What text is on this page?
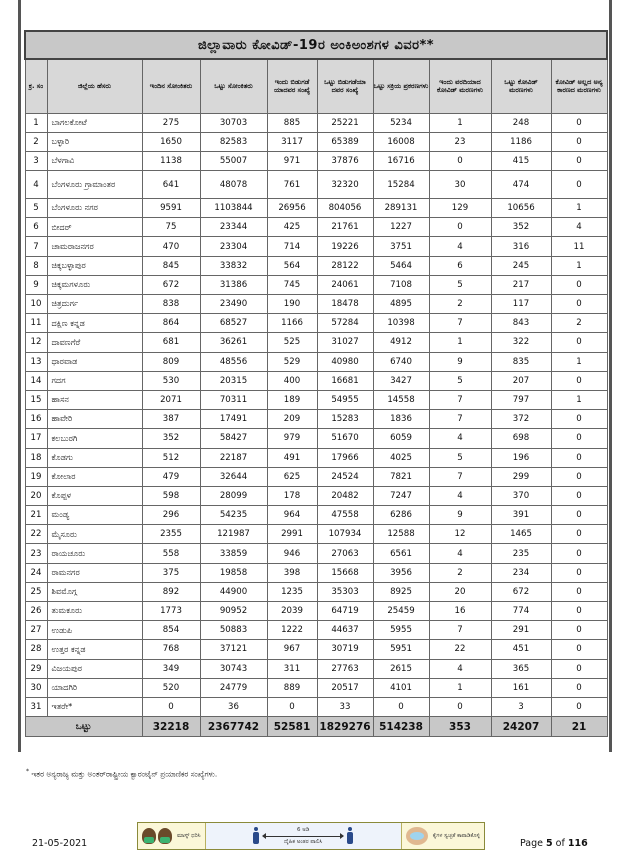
ಜಿಲ್ಲಾವಾರು ಕೋವಿಡ್-19ರ ಅಂಕಿಅಂಶಗಳ ವಿವರ**									
ಕ್ರ. ಸಂ	ಜಿಲ್ಲೆಯ ಹೆಸರು	ಇಂದಿನ ಸೋಂಕಿತರು	ಒಟ್ಟು ಸೋಂಕಿತರು	ಇಂದು ಬಿಡುಗಡೆ ಯಾದವರ ಸಂಖ್ಯೆ	ಒಟ್ಟು ಬಿಡುಗಡೆಯಾ ದವರ ಸಂಖ್ಯೆ	ಒಟ್ಟು ಸಕ್ರಿಯ ಪ್ರಕರಣಗಳು	ಇಂದು ವರದಿಯಾದ ಕೋವಿಡ್ ಮರಣಗಳು	ಒಟ್ಟು ಕೋವಿಡ್ ಮರಣಗಳು	ಕೋವಿಡ್ ಅಲ್ಲದ ಅನ್ಯ ಕಾರಣದ ಮರಣಗಳು
1	ಬಾಗಲಕೋಟೆ	275	30703	885	25221	5234	1	248	0
2	ಬಳ್ಳಾರಿ	1650	82583	3117	65389	16008	23	1186	0
3	ಬೆಳಗಾವಿ	1138	55007	971	37876	16716	0	415	0
4	ಬೆಂಗಳೂರು ಗ್ರಾಮಾಂತರ	641	48078	761	32320	15284	30	474	0
5	ಬೆಂಗಳೂರು ನಗರ	9591	1103844	26956	804056	289131	129	10656	1
6	ಬೀದರ್	75	23344	425	21761	1227	0	352	4
7	ಚಾಮರಾಜನಗರ	470	23304	714	19226	3751	4	316	11
8	ಚಿಕ್ಕಬಳ್ಳಾಪುರ	845	33832	564	28122	5464	6	245	1
9	ಚಿಕ್ಕಮಗಳೂರು	672	31386	745	24061	7108	5	217	0
10	ಚಿತ್ರದುರ್ಗ	838	23490	190	18478	4895	2	117	0
11	ದಕ್ಷಿಣ ಕನ್ನಡ	864	68527	1166	57284	10398	7	843	2
12	ದಾವಣಗೆರೆ	681	36261	525	31027	4912	1	322	0
13	ಧಾರವಾಡ	809	48556	529	40980	6740	9	835	1
14	ಗದಗ	530	20315	400	16681	3427	5	207	0
15	ಹಾಸನ	2071	70311	189	54955	14558	7	797	1
16	ಹಾವೇರಿ	387	17491	209	15283	1836	7	372	0
17	ಕಲಬುರಗಿ	352	58427	979	51670	6059	4	698	0
18	ಕೊಡಗು	512	22187	491	17966	4025	5	196	0
19	ಕೋಲಾರ	479	32644	625	24524	7821	7	299	0
20	ಕೊಪ್ಪಳ	598	28099	178	20482	7247	4	370	0
21	ಮಂಡ್ಯ	296	54235	964	47558	6286	9	391	0
22	ಮೈಸೂರು	2355	121987	2991	107934	12588	12	1465	0
23	ರಾಯಚೂರು	558	33859	946	27063	6561	4	235	0
24	ರಾಮನಗರ	375	19858	398	15668	3956	2	234	0
25	ಶಿವಮೊಗ್ಗ	892	44900	1235	35303	8925	20	672	0
26	ತುಮಕೂರು	1773	90952	2039	64719	25459	16	774	0
27	ಉಡುಪಿ	854	50883	1222	44637	5955	7	291	0
28	ಉತ್ತರ ಕನ್ನಡ	768	37121	967	30719	5951	22	451	0
29	ವಿಜಯಪುರ	349	30743	311	27763	2615	4	365	0
30	ಯಾದಗಿರಿ	520	24779	889	20517	4101	1	161	0
31	ಇತರೇ*	0	36	0	33	0	0	3	0
ಒಟ್ಟು		32218	2367742	52581	1829276	514238	353	24207	21
* ಇತರ ಅನ್ಯರಾಜ್ಯ ಮತ್ತು ಅಂತರ್‌ರಾಷ್ಟ್ರೀಯ ಕ್ವಾರಂಟೈನ್ ಪ್ರಯಾಣಿಕರ ಸಂಖ್ಯೆಗಳು.
21-05-2021
ಮಾಸ್ಕ್ ಧರಿಸಿ
6 ಅಡಿ
ದೈಹಿಕ ಅಂತರ ಪಾಲಿಸಿ
ಕೈಗಳ ಸ್ವಚ್ಛತೆ ಕಾಪಾಡಿಕೊಳ್ಳಿ
Page 5 of 116
